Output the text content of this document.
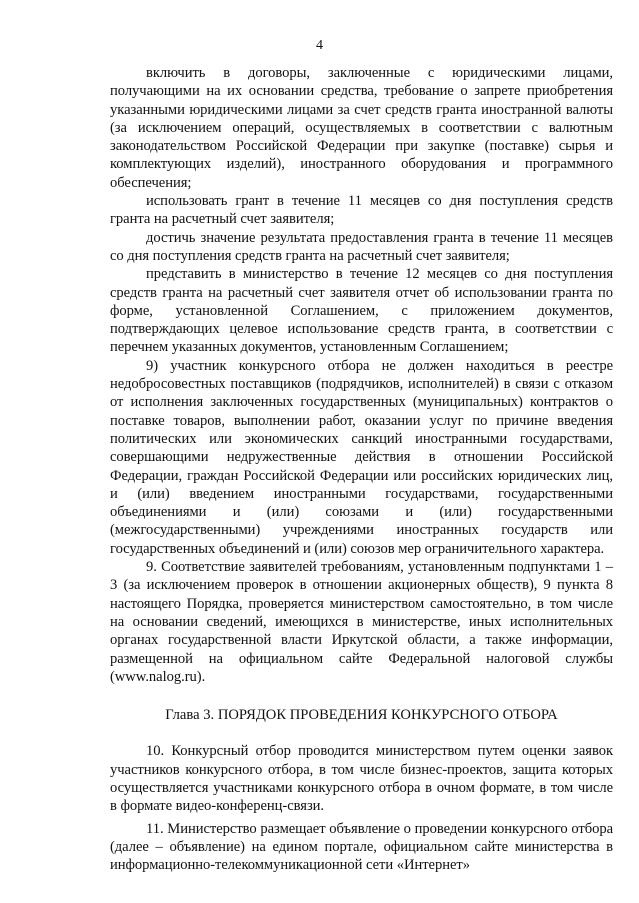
4

включить в договоры, заключенные с юридическими лицами, получающими на их основании средства, требование о запрете приобретения указанными юридическими лицами за счет средств гранта иностранной валюты (за исключением операций, осуществляемых в соответствии с валютным законодательством Российской Федерации при закупке (поставке) сырья и комплектующих изделий), иностранного оборудования и программного обеспечения;

использовать грант в течение 11 месяцев со дня поступления средств гранта на расчетный счет заявителя;

достичь значение результата предоставления гранта в течение 11 месяцев со дня поступления средств гранта на расчетный счет заявителя;

представить в министерство в течение 12 месяцев со дня поступления средств гранта на расчетный счет заявителя отчет об использовании гранта по форме, установленной Соглашением, с приложением документов, подтверждающих целевое использование средств гранта, в соответствии с перечнем указанных документов, установленным Соглашением;

9) участник конкурсного отбора не должен находиться в реестре недобросовестных поставщиков (подрядчиков, исполнителей) в связи с отказом от исполнения заключенных государственных (муниципальных) контрактов о поставке товаров, выполнении работ, оказании услуг по причине введения политических или экономических санкций иностранными государствами, совершающими недружественные действия в отношении Российской Федерации, граждан Российской Федерации или российских юридических лиц, и (или) введением иностранными государствами, государственными объединениями и (или) союзами и (или) государственными (межгосударственными) учреждениями иностранных государств или государственных объединений и (или) союзов мер ограничительного характера.

9. Соответствие заявителей требованиям, установленным подпунктами 1 – 3 (за исключением проверок в отношении акционерных обществ), 9 пункта 8 настоящего Порядка, проверяется министерством самостоятельно, в том числе на основании сведений, имеющихся в министерстве, иных исполнительных органах государственной власти Иркутской области, а также информации, размещенной на официальном сайте Федеральной налоговой службы (www.nalog.ru).

Глава 3. ПОРЯДОК ПРОВЕДЕНИЯ КОНКУРСНОГО ОТБОРА

10. Конкурсный отбор проводится министерством путем оценки заявок участников конкурсного отбора, в том числе бизнес-проектов, защита которых осуществляется участниками конкурсного отбора в очном формате, в том числе в формате видео-конференц-связи.

11. Министерство размещает объявление о проведении конкурсного отбора (далее – объявление) на едином портале, официальном сайте министерства в информационно-телекоммуникационной сети «Интернет»
